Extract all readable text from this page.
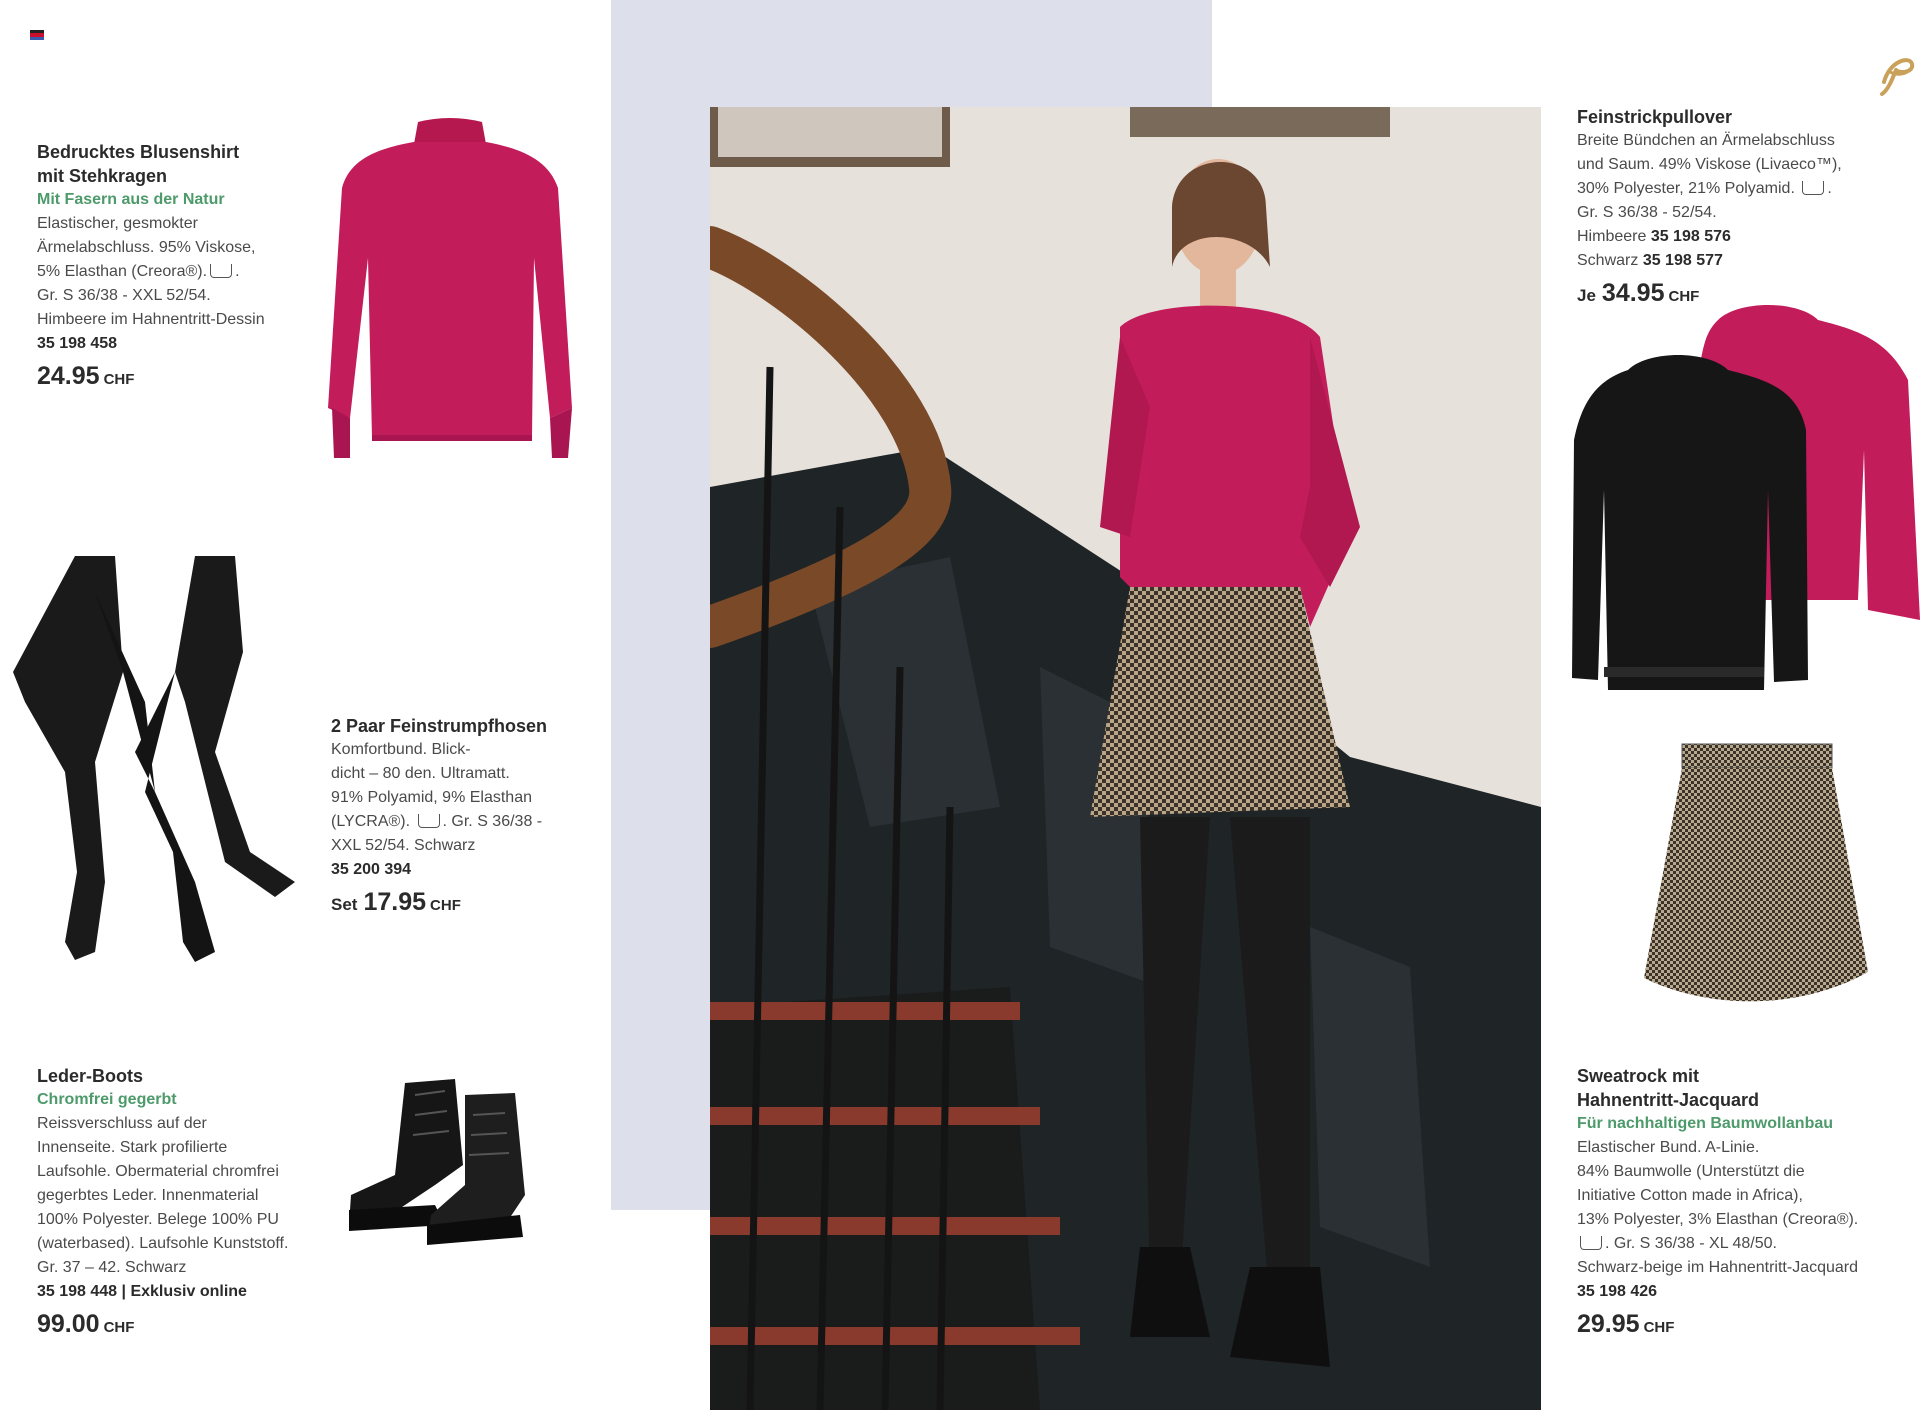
Bedrucktes Blusenshirt
mit Stehkragen
Mit Fasern aus der Natur
Elastischer, gesmokter
Ärmelabschluss. 95% Viskose,
5% Elasthan (Creora®). .
Gr. S 36/38 - XXL 52/54.
Himbeere im Hahnentritt-Dessin
35 198 458
24.95 CHF
2 Paar Feinstrumpfhosen
Komfortbund. Blick-
dicht – 80 den. Ultramatt.
91% Polyamid, 9% Elasthan
(LYCRA®). . Gr. S 36/38 -
XXL 52/54. Schwarz
35 200 394
Set 17.95 CHF
Leder-Boots
Chromfrei gegerbt
Reissverschluss auf der
Innenseite. Stark profilierte
Laufsohle. Obermaterial chromfrei
gegerbtes Leder. Innenmaterial
100% Polyester. Belege 100% PU
(waterbased). Laufsohle Kunststoff.
Gr. 37 – 42. Schwarz
35 198 448 | Exklusiv online
99.00 CHF
Feinstrickpullover
Breite Bündchen an Ärmelabschluss
und Saum. 49% Viskose (Livaeco™),
30% Polyester, 21% Polyamid. .
Gr. S 36/38 - 52/54.
Himbeere 35 198 576
Schwarz 35 198 577
Je 34.95 CHF
Sweatrock mit
Hahnentritt-Jacquard
Für nachhaltigen Baumwollanbau
Elastischer Bund. A-Linie.
84% Baumwolle (Unterstützt die
Initiative Cotton made in Africa),
13% Polyester, 3% Elasthan (Creora®).
. Gr. S 36/38 - XL 48/50.
Schwarz-beige im Hahnentritt-Jacquard
35 198 426
29.95 CHF
